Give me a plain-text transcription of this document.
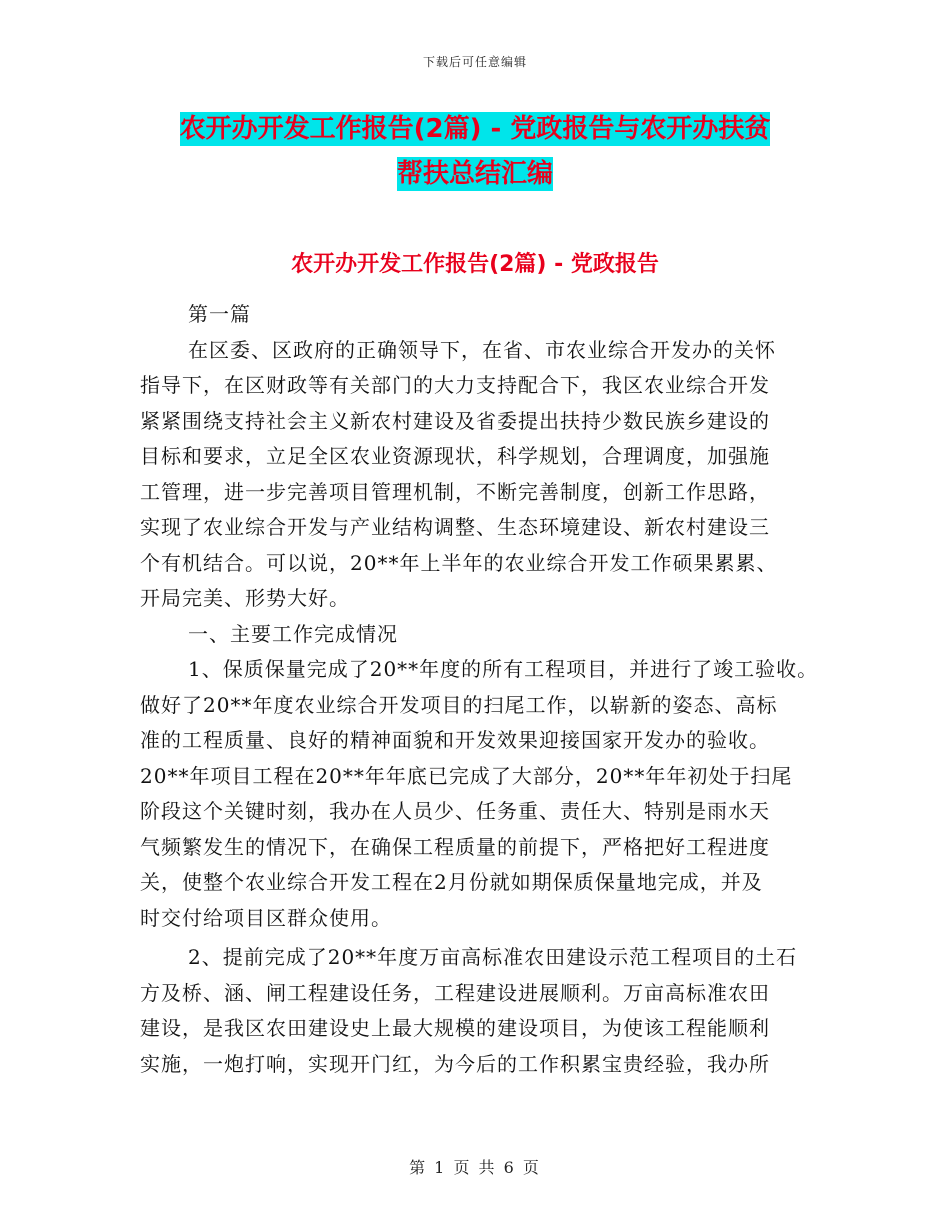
下载后可任意编辑
农开办开发工作报告(2篇) - 党政报告与农开办扶贫
帮扶总结汇编
农开办开发工作报告(2篇) - 党政报告
第一篇
在区委、区政府的正确领导下，在省、市农业综合开发办的关怀
指导下，在区财政等有关部门的大力支持配合下，我区农业综合开发
紧紧围绕支持社会主义新农村建设及省委提出扶持少数民族乡建设的
目标和要求，立足全区农业资源现状，科学规划，合理调度，加强施
工管理，进一步完善项目管理机制，不断完善制度，创新工作思路，
实现了农业综合开发与产业结构调整、生态环境建设、新农村建设三
个有机结合。可以说，20**年上半年的农业综合开发工作硕果累累、
开局完美、形势大好。
一、主要工作完成情况
1、保质保量完成了20**年度的所有工程项目，并进行了竣工验收。
做好了20**年度农业综合开发项目的扫尾工作，以崭新的姿态、高标
准的工程质量、良好的精神面貌和开发效果迎接国家开发办的验收。
20**年项目工程在20**年年底已完成了大部分，20**年年初处于扫尾
阶段这个关键时刻，我办在人员少、任务重、责任大、特别是雨水天
气频繁发生的情况下，在确保工程质量的前提下，严格把好工程进度
关，使整个农业综合开发工程在2月份就如期保质保量地完成，并及
时交付给项目区群众使用。
2、提前完成了20**年度万亩高标准农田建设示范工程项目的土石
方及桥、涵、闸工程建设任务，工程建设进展顺利。万亩高标准农田
建设，是我区农田建设史上最大规模的建设项目，为使该工程能顺利
实施，一炮打响，实现开门红，为今后的工作积累宝贵经验，我办所
第 1 页 共 6 页
